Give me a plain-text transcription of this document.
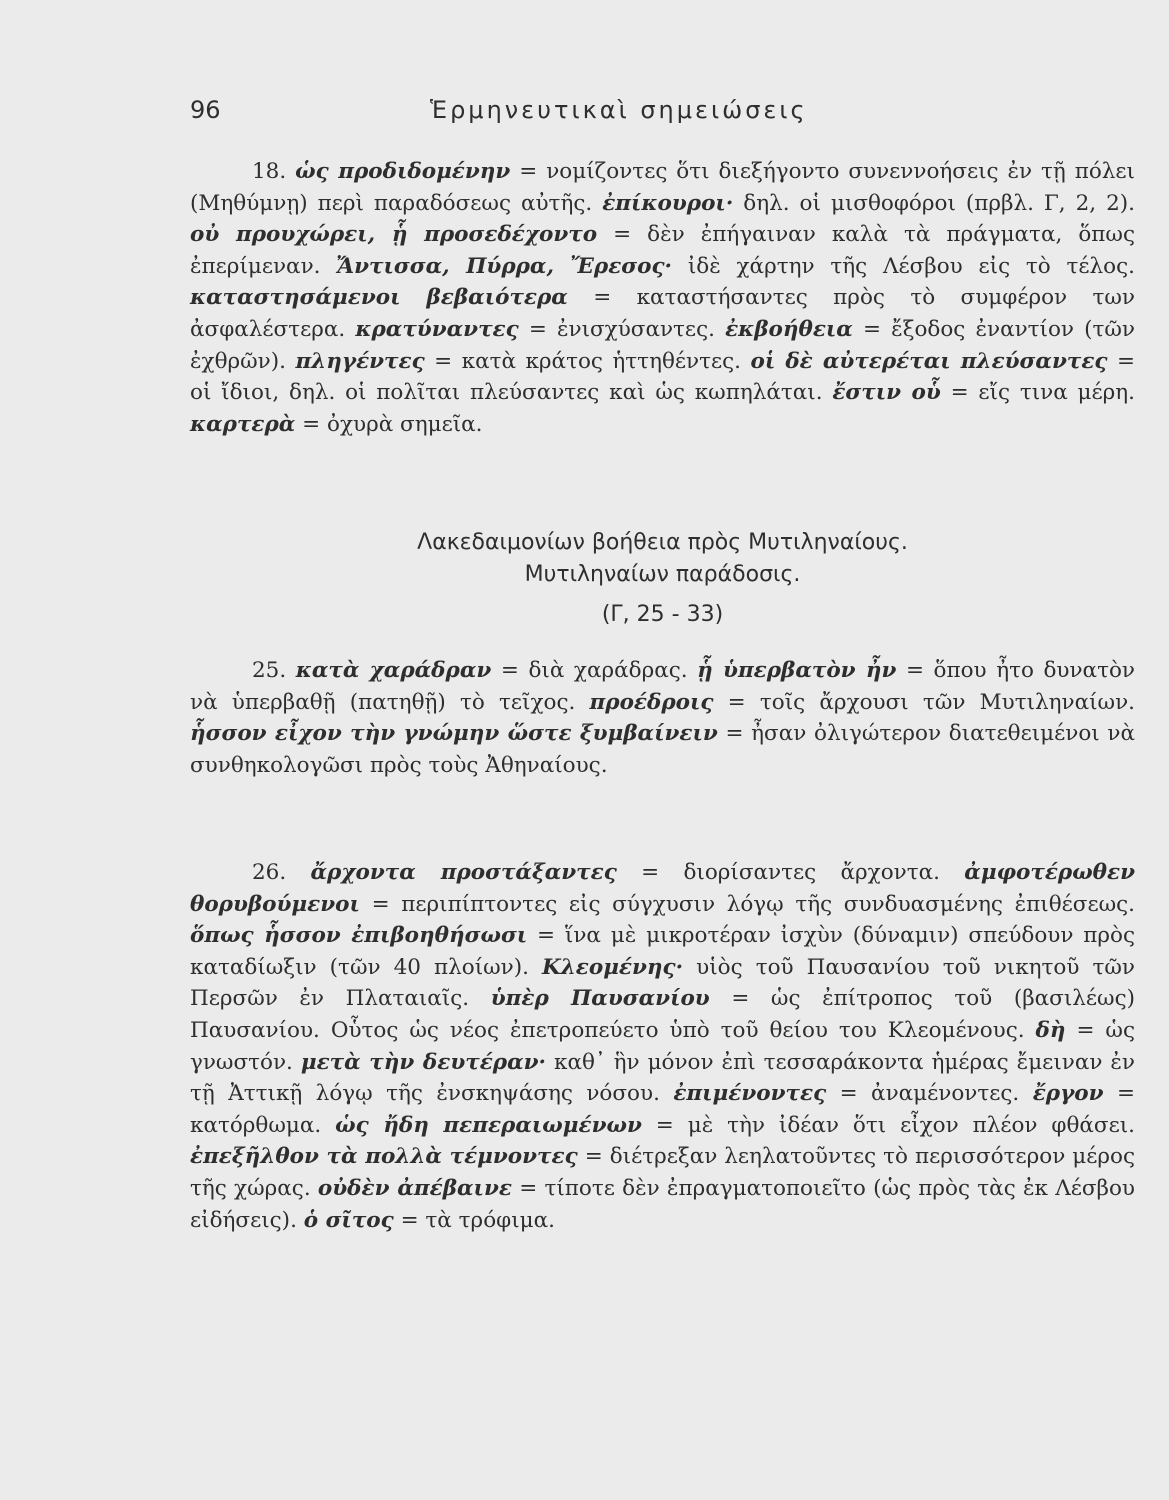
96	Ἑρμηνευτικαὶ σημειώσεις

18. ὡς προδιδομένην = νομίζοντες ὅτι διεξήγοντο συνεννοήσεις ἐν τῇ πόλει (Μηθύμνῃ) περὶ παραδόσεως αὐτῆς. ἐπίκουροι· δηλ. οἱ μισθοφόροι (πρβλ. Γ, 2, 2). οὐ προυχώρει, ᾗ προσεδέχοντο = δὲν ἐπήγαιναν καλὰ τὰ πράγματα, ὅπως ἐπερίμεναν. Ἄντισσα, Πύρρα, Ἔρεσος· ἰδὲ χάρτην τῆς Λέσβου εἰς τὸ τέλος. καταστησάμενοι βεβαιότερα = καταστήσαντες πρὸς τὸ συμφέρον των ἀσφαλέστερα. κρατύναντες = ἐνισχύσαντες. ἐκβοήθεια = ἔξοδος ἐναντίον (τῶν ἐχθρῶν). πληγέντες = κατὰ κράτος ἡττηθέντες. οἱ δὲ αὐτερέται πλεύσαντες = οἱ ἴδιοι, δηλ. οἱ πολῖται πλεύσαντες καὶ ὡς κωπηλάται. ἔστιν οὗ = εἴς τινα μέρη. καρτερὰ = ὀχυρὰ σημεῖα.

Λακεδαιμονίων βοήθεια πρὸς Μυτιληναίους.
Μυτιληναίων παράδοσις.

(Γ, 25 - 33)

25. κατὰ χαράδραν = διὰ χαράδρας. ᾗ ὑπερβατὸν ἦν = ὅπου ἦτο δυνατὸν νὰ ὑπερβαθῇ (πατηθῇ) τὸ τεῖχος. προέδροις = τοῖς ἄρχουσι τῶν Μυτιληναίων. ἧσσον εἶχον τὴν γνώμην ὥστε ξυμβαίνειν = ἦσαν ὀλιγώτερον διατεθειμένοι νὰ συνθηκολογῶσι πρὸς τοὺς Ἀθηναίους.

26. ἄρχοντα προστάξαντες = διορίσαντες ἄρχοντα. ἀμφοτέρωθεν θορυβούμενοι = περιπίπτοντες εἰς σύγχυσιν λόγῳ τῆς συνδυασμένης ἐπιθέσεως. ὅπως ἧσσον ἐπιβοηθήσωσι = ἵνα μὲ μικροτέραν ἰσχὺν (δύναμιν) σπεύδουν πρὸς καταδίωξιν (τῶν 40 πλοίων). Κλεομένης· υἱὸς τοῦ Παυσανίου τοῦ νικητοῦ τῶν Περσῶν ἐν Πλαταιαῖς. ὑπὲρ Παυσανίου = ὡς ἐπίτροπος τοῦ (βασιλέως) Παυσανίου. Οὗτος ὡς νέος ἐπετροπεύετο ὑπὸ τοῦ θείου του Κλεομένους. δὴ = ὡς γνωστόν. μετὰ τὴν δευτέραν· καθ᾽ ἣν μόνον ἐπὶ τεσσαράκοντα ἡμέρας ἔμειναν ἐν τῇ Ἀττικῇ λόγῳ τῆς ἐνσκηψάσης νόσου. ἐπιμένοντες = ἀναμένοντες. ἔργον = κατόρθωμα. ὡς ἤδη πεπεραιωμένων = μὲ τὴν ἰδέαν ὅτι εἶχον πλέον φθάσει. ἐπεξῆλθον τὰ πολλὰ τέμνοντες = διέτρεξαν λεηλατοῦντες τὸ περισσότερον μέρος τῆς χώρας. οὐδὲν ἀπέβαινε = τίποτε δὲν ἐπραγματοποιεῖτο (ὡς πρὸς τὰς ἐκ Λέσβου εἰδήσεις). ὁ σῖτος = τὰ τρόφιμα.
